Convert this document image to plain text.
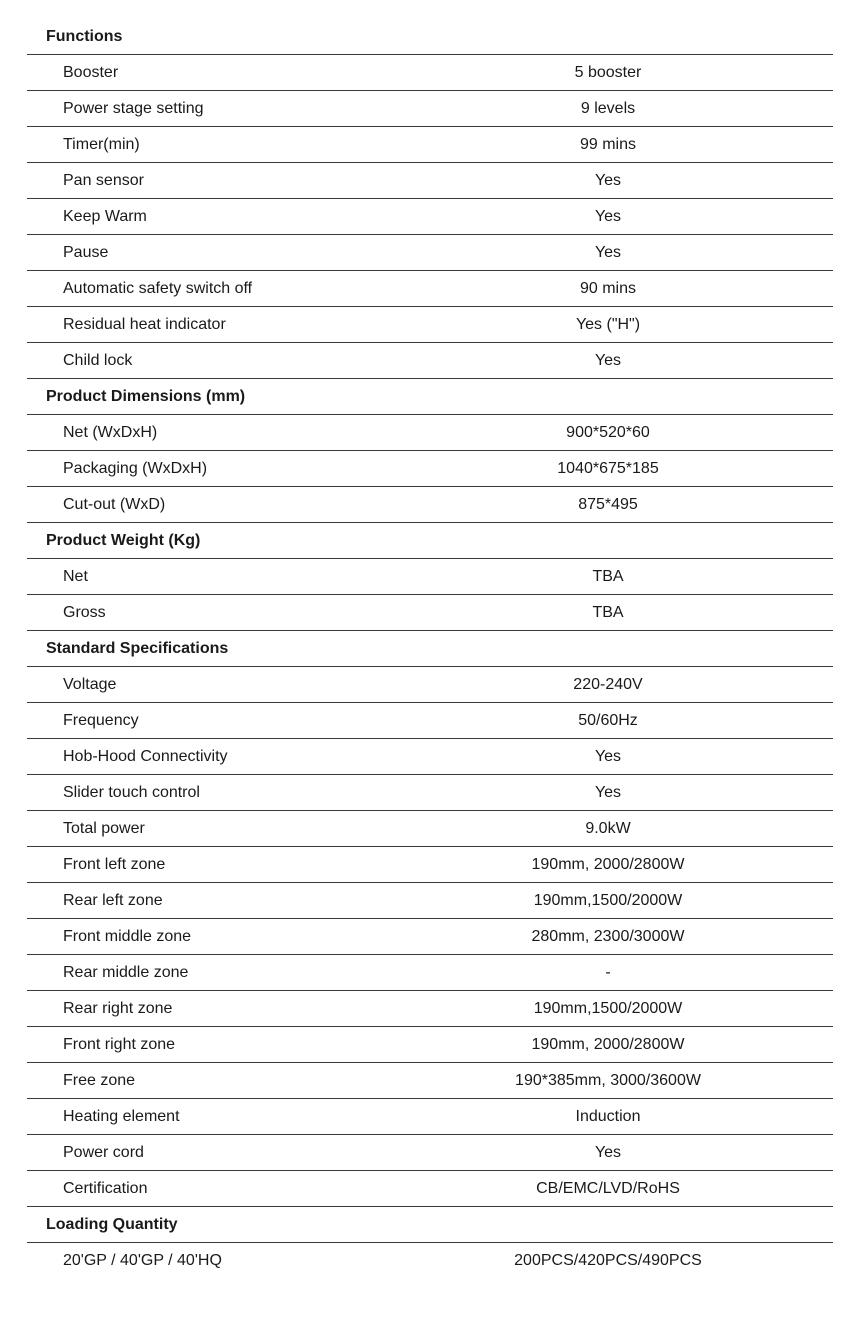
Functions
Booster	5 booster
Power stage setting	9 levels
Timer(min)	99 mins
Pan sensor	Yes
Keep Warm	Yes
Pause	Yes
Automatic safety switch off	90 mins
Residual heat indicator	Yes ("H")
Child lock	Yes
Product Dimensions (mm)
Net (WxDxH)	900*520*60
Packaging (WxDxH)	1040*675*185
Cut-out (WxD)	875*495
Product Weight (Kg)
Net	TBA
Gross	TBA
Standard Specifications
Voltage	220-240V
Frequency	50/60Hz
Hob-Hood Connectivity	Yes
Slider touch control	Yes
Total power	9.0kW
Front left zone	190mm, 2000/2800W
Rear left zone	190mm,1500/2000W
Front middle zone	280mm, 2300/3000W
Rear middle zone	-
Rear right zone	190mm,1500/2000W
Front right zone	190mm, 2000/2800W
Free zone	190*385mm, 3000/3600W
Heating element	Induction
Power cord	Yes
Certification	CB/EMC/LVD/RoHS
Loading Quantity
20'GP / 40'GP / 40'HQ	200PCS/420PCS/490PCS
